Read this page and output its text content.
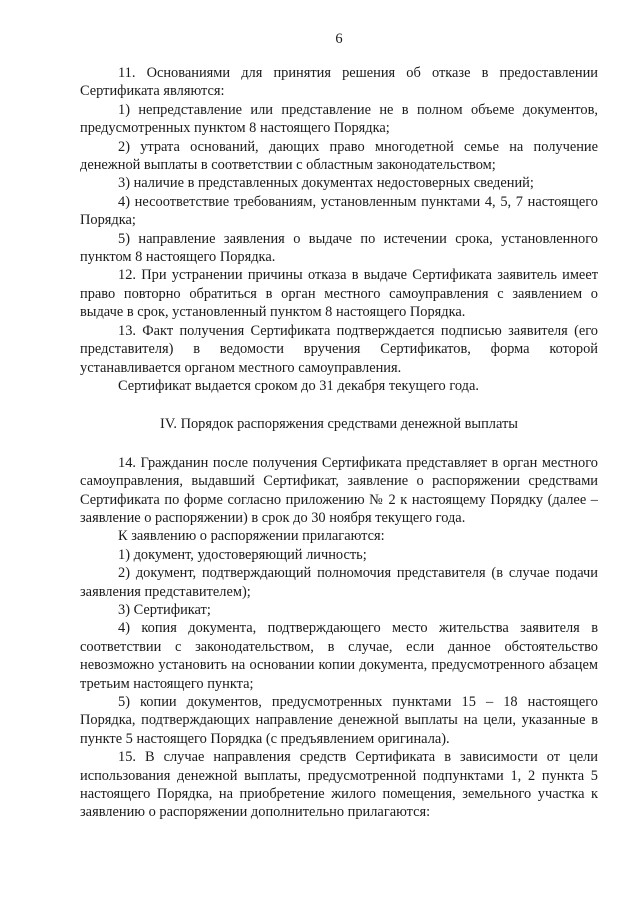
6

11. Основаниями для принятия решения об отказе в предоставлении Сертификата являются:

1) непредставление или представление не в полном объеме документов, предусмотренных пунктом 8 настоящего Порядка;

2) утрата оснований, дающих право многодетной семье на получение денежной выплаты в соответствии с областным законодательством;

3) наличие в представленных документах недостоверных сведений;

4) несоответствие требованиям, установленным пунктами 4, 5, 7 настоящего Порядка;

5) направление заявления о выдаче по истечении срока, установленного пунктом 8 настоящего Порядка.

12. При устранении причины отказа в выдаче Сертификата заявитель имеет право повторно обратиться в орган местного самоуправления с заявлением о выдаче в срок, установленный пунктом 8 настоящего Порядка.

13. Факт получения Сертификата подтверждается подписью заявителя (его представителя) в ведомости вручения Сертификатов, форма которой устанавливается органом местного самоуправления.

Сертификат выдается сроком до 31 декабря текущего года.

IV. Порядок распоряжения средствами денежной выплаты

14. Гражданин после получения Сертификата представляет в орган местного самоуправления, выдавший Сертификат, заявление о распоряжении средствами Сертификата по форме согласно приложению № 2 к настоящему Порядку (далее – заявление о распоряжении) в срок до 30 ноября текущего года.

К заявлению о распоряжении прилагаются:

1) документ, удостоверяющий личность;

2) документ, подтверждающий полномочия представителя (в случае подачи заявления представителем);

3) Сертификат;

4) копия документа, подтверждающего место жительства заявителя в соответствии с законодательством, в случае, если данное обстоятельство невозможно установить на основании копии документа, предусмотренного абзацем третьим настоящего пункта;

5) копии документов, предусмотренных пунктами 15 – 18 настоящего Порядка, подтверждающих направление денежной выплаты на цели, указанные в пункте 5 настоящего Порядка (с предъявлением оригинала).

15. В случае направления средств Сертификата в зависимости от цели использования денежной выплаты, предусмотренной подпунктами 1, 2 пункта 5 настоящего Порядка, на приобретение жилого помещения, земельного участка к заявлению о распоряжении дополнительно прилагаются:
